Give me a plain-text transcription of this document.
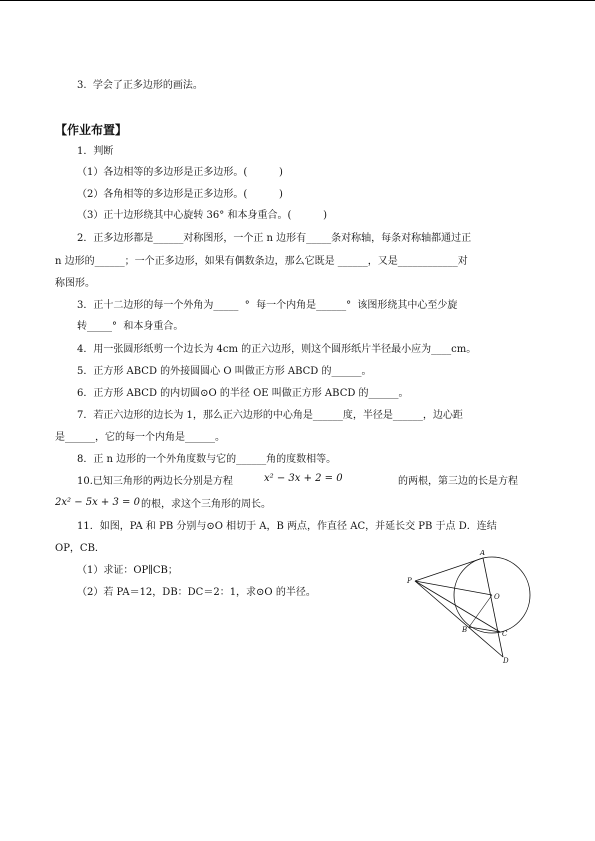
3.  学会了正多边形的画法。
【作业布置】
1．判断
（1）各边相等的多边形是正多边形。(          )
（2）各角相等的多边形是正多边形。(          )
（3）正十边形绕其中心旋转 36° 和本身重合。(          )
2．正多边形都是______对称图形，一个正 n 边形有_____条对称轴，每条对称轴都通过正
n 边形的______；一个正多边形，如果有偶数条边，那么它既是 ______，又是____________对
称图形。
3．正十二边形的每一个外角为_____  °  每一个内角是______°  该图形绕其中心至少旋
转_____°  和本身重合。
4．用一张圆形纸剪一个边长为 4cm 的正六边形，则这个圆形纸片半径最小应为____cm。
5．正方形 ABCD 的外接圆圆心 O 叫做正方形 ABCD 的______。
6．正方形 ABCD 的内切圆⊙O 的半径 OE 叫做正方形 ABCD 的______。
7．若正六边形的边长为 1，那么正六边形的中心角是______度，半径是______，边心距
是______，它的每一个内角是______。
8．正 n 边形的一个外角度数与它的______角的度数相等。
10.已知三角形的两边长分别是方程	x² − 3x + 2 = 0	的两根，第三边的长是方程
2x² − 5x + 3 = 0 的根，求这个三角形的周长。
11．如图，PA 和 PB 分别与⊙O 相切于 A，B 两点，作直径 AC，并延长交 PB 于点 D．连结
OP，CB．
（1）求证：OP∥CB；
（2）若 PA＝12，DB：DC＝2：1，求⊙O 的半径。
A
P
O
B	C
D
